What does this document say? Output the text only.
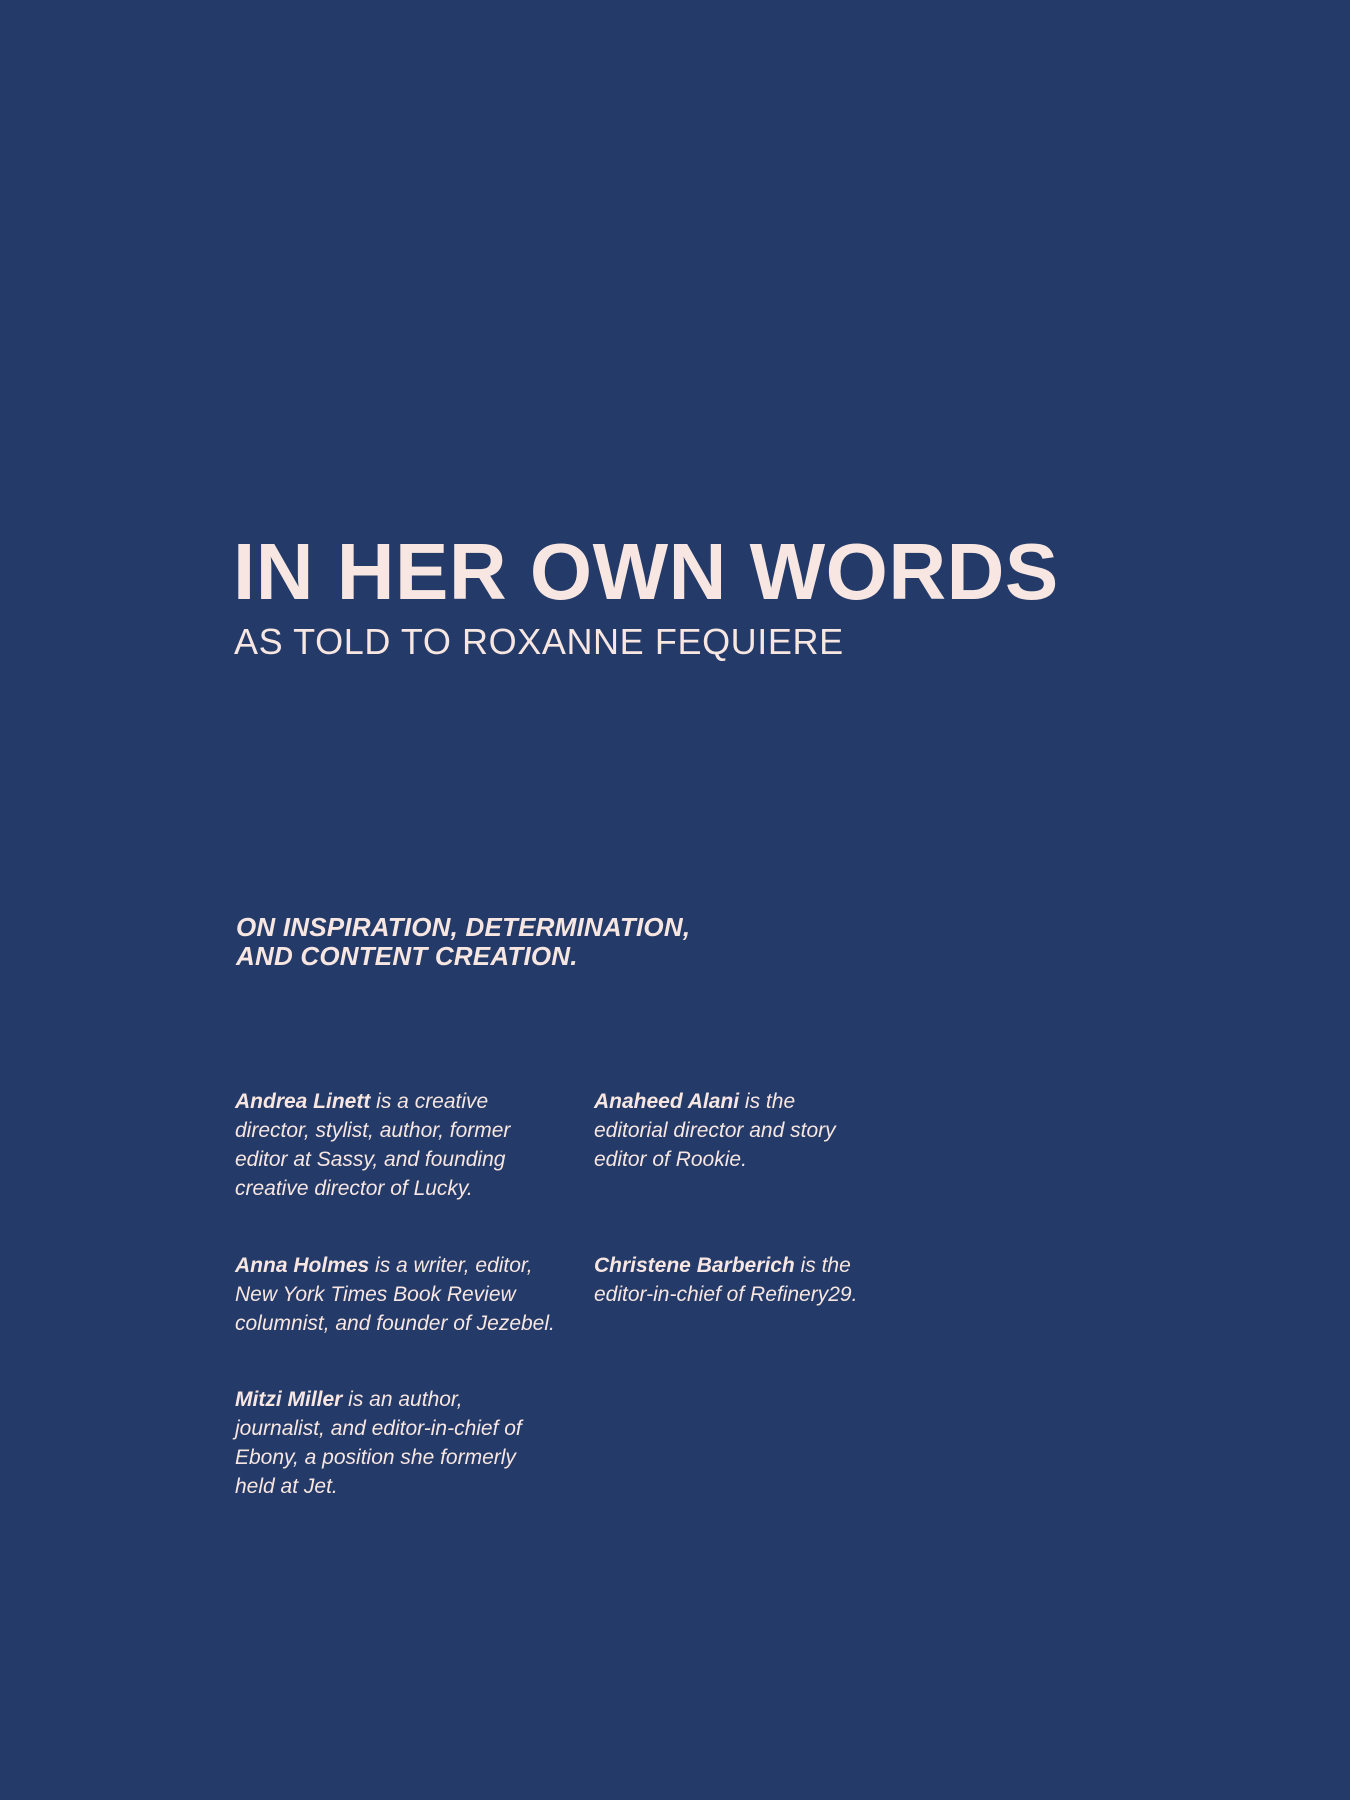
IN HER OWN WORDS
AS TOLD TO ROXANNE FEQUIERE

ON INSPIRATION, DETERMINATION,
AND CONTENT CREATION.

Andrea Linett is a creative
director, stylist, author, former
editor at Sassy, and founding
creative director of Lucky.

Anaheed Alani is the
editorial director and story
editor of Rookie.

Anna Holmes is a writer, editor,
New York Times Book Review
columnist, and founder of Jezebel.

Christene Barberich is the
editor-in-chief of Refinery29.

Mitzi Miller is an author,
journalist, and editor-in-chief of
Ebony, a position she formerly
held at Jet.
